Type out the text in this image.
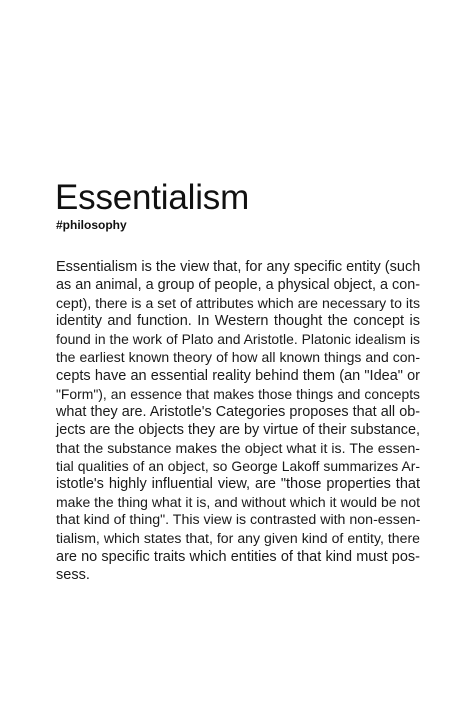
Essentialism
#philosophy
Essentialism is the view that, for any specific entity (such
as an animal, a group of people, a physical object, a con-
cept), there is a set of attributes which are necessary to its
identity and function. In Western thought the concept is
found in the work of Plato and Aristotle. Platonic idealism is
the earliest known theory of how all known things and con-
cepts have an essential reality behind them (an "Idea" or
"Form"), an essence that makes those things and concepts
what they are. Aristotle's Categories proposes that all ob-
jects are the objects they are by virtue of their substance,
that the substance makes the object what it is. The essen-
tial qualities of an object, so George Lakoff summarizes Ar-
istotle's highly influential view, are "those properties that
make the thing what it is, and without which it would be not
that kind of thing". This view is contrasted with non-essen-
tialism, which states that, for any given kind of entity, there
are no specific traits which entities of that kind must pos-
sess.
